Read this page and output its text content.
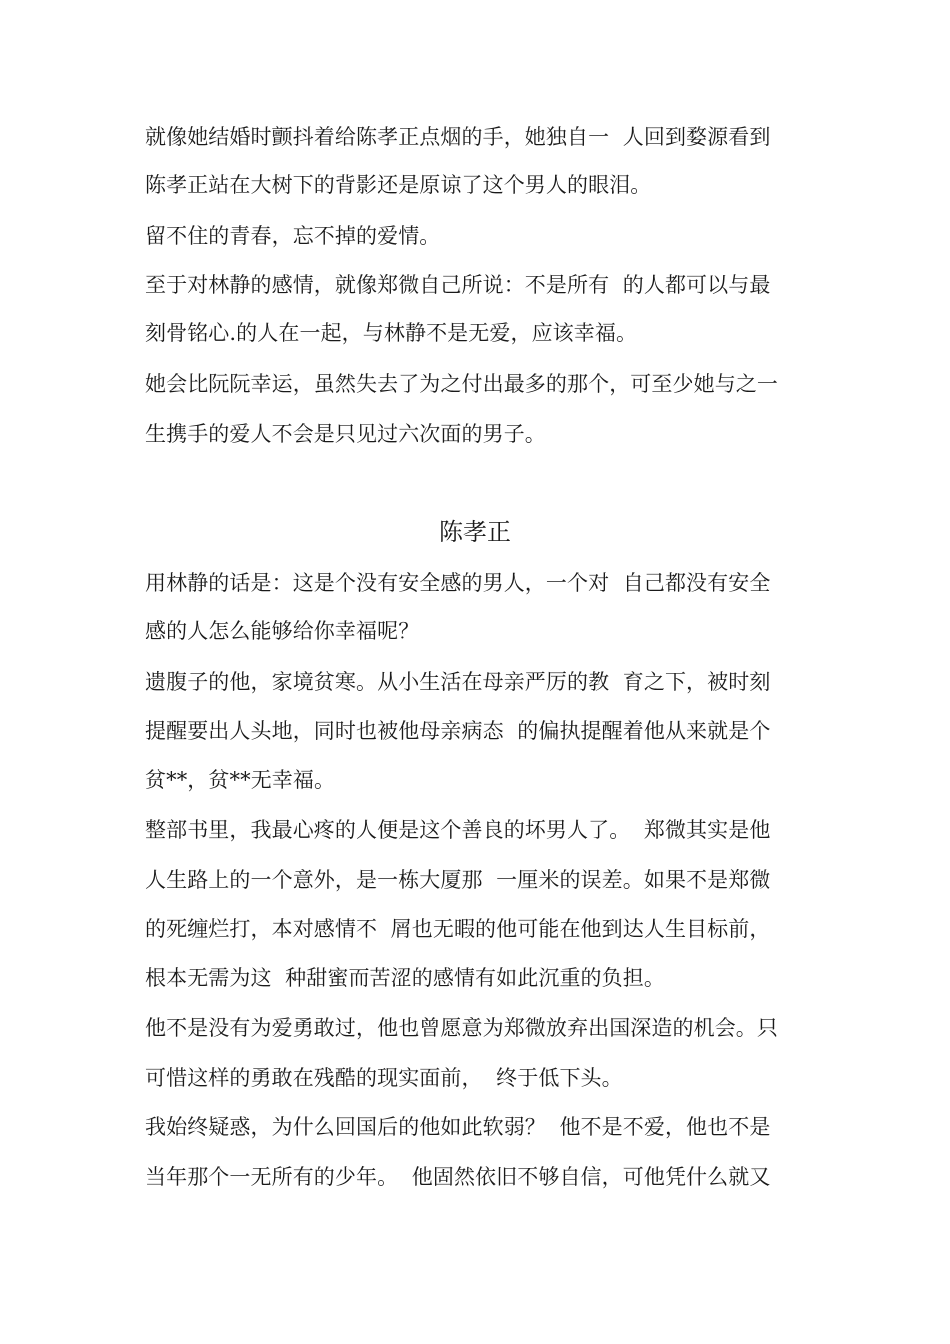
就像她结婚时颤抖着给陈孝正点烟的手，她独自一  人回到婺源看到
陈孝正站在大树下的背影还是原谅了这个男人的眼泪。
留不住的青春，忘不掉的爱情。
至于对林静的感情，就像郑微自己所说：不是所有  的人都可以与最
刻骨铭心.的人在一起，与林静不是无爱，应该幸福。
她会比阮阮幸运，虽然失去了为之付出最多的那个，可至少她与之一
生携手的爱人不会是只见过六次面的男子。
陈孝正
用林静的话是：这是个没有安全感的男人，一个对  自己都没有安全
感的人怎么能够给你幸福呢？
遗腹子的他，家境贫寒。从小生活在母亲严厉的教  育之下，被时刻
提醒要出人头地，同时也被他母亲病态  的偏执提醒着他从来就是个
贫**，贫**无幸福。
整部书里，我最心疼的人便是这个善良的坏男人了。  郑微其实是他
人生路上的一个意外，是一栋大厦那  一厘米的误差。如果不是郑微
的死缠烂打，本对感情不  屑也无暇的他可能在他到达人生目标前，
根本无需为这  种甜蜜而苦涩的感情有如此沉重的负担。
他不是没有为爱勇敢过，他也曾愿意为郑微放弃出国深造的机会。只
可惜这样的勇敢在残酷的现实面前，  终于低下头。
我始终疑惑，为什么回国后的他如此软弱？  他不是不爱，他也不是
当年那个一无所有的少年。  他固然依旧不够自信，可他凭什么就又
